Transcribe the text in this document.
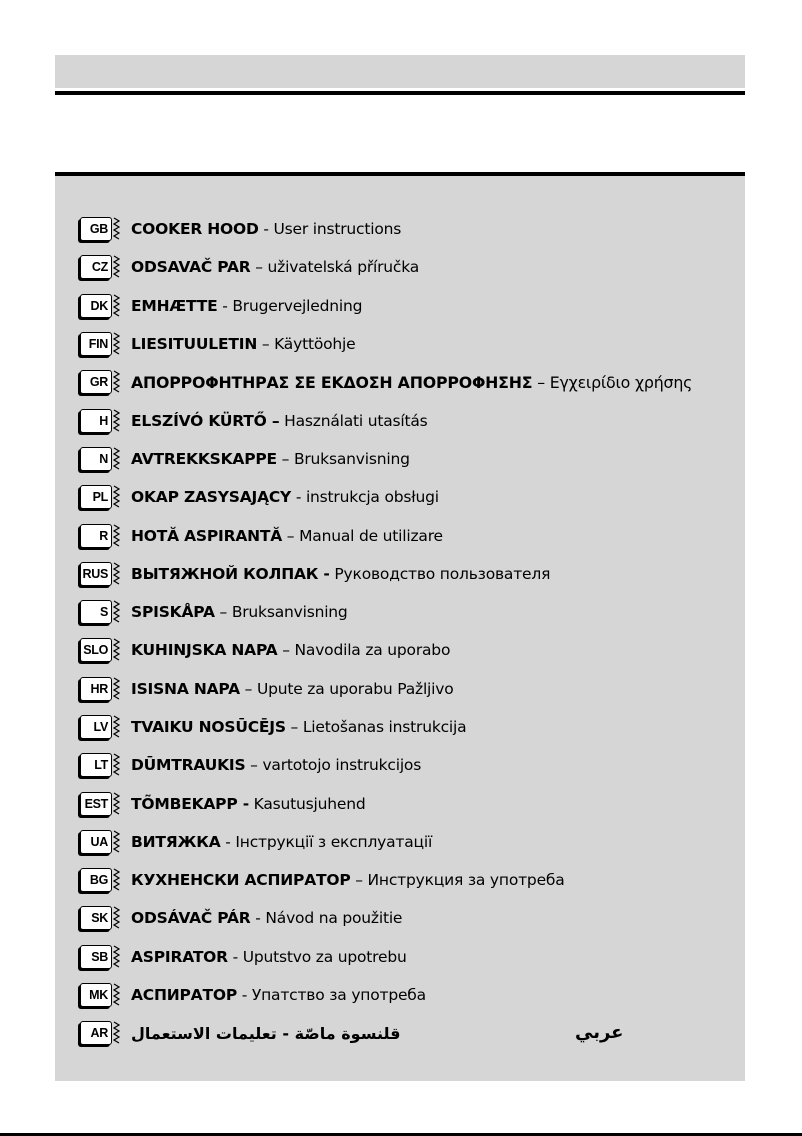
GB COOKER HOOD - User instructions
CZ ODSAVAČ PAR – uživatelská příručka
DK EMHÆTTE - Brugervejledning
FIN LIESITUULETIN – Käyttöohje
GR ΑΠΟΡΡΟΦΗΤΗΡΑΣ ΣΕ ΕΚΔΟΣΗ ΑΠΟΡΡΟΦΗΣΗΣ – Εγχειρίδιο χρήσης
H ELSZÍVÓ KÜRTŐ – Használati utasítás
N AVTREKKSKAPPE – Bruksanvisning
PL OKAP ZASYSAJĄCY - instrukcja obsługi
R HOTĂ ASPIRANTĂ – Manual de utilizare
RUS ВЫТЯЖНОЙ КОЛПАК - Руководство пользователя
S SPISKÅPA – Bruksanvisning
SLO KUHINJSKA NAPA – Navodila za uporabo
HR ISISNA NAPA – Upute za uporabu Pažljivo
LV TVAIKU NOSŪCĒJS – Lietošanas instrukcija
LT DŪMTRAUKIS – vartotojo instrukcijos
EST TÕMBEKAPP - Kasutusjuhend
UA ВИТЯЖКА - Інструкції з експлуатації
BG КУХНЕНСКИ АСПИРАТОР – Инструкция за употреба
SK ODSÁVAČ PÁR - Návod na použitie
SB ASPIRATOR - Uputstvo za upotrebu
MK АСПИРАТОР - Упатство за употреба
AR قلنسوة ماصّة - تعليمات الاستعمال	عربي
